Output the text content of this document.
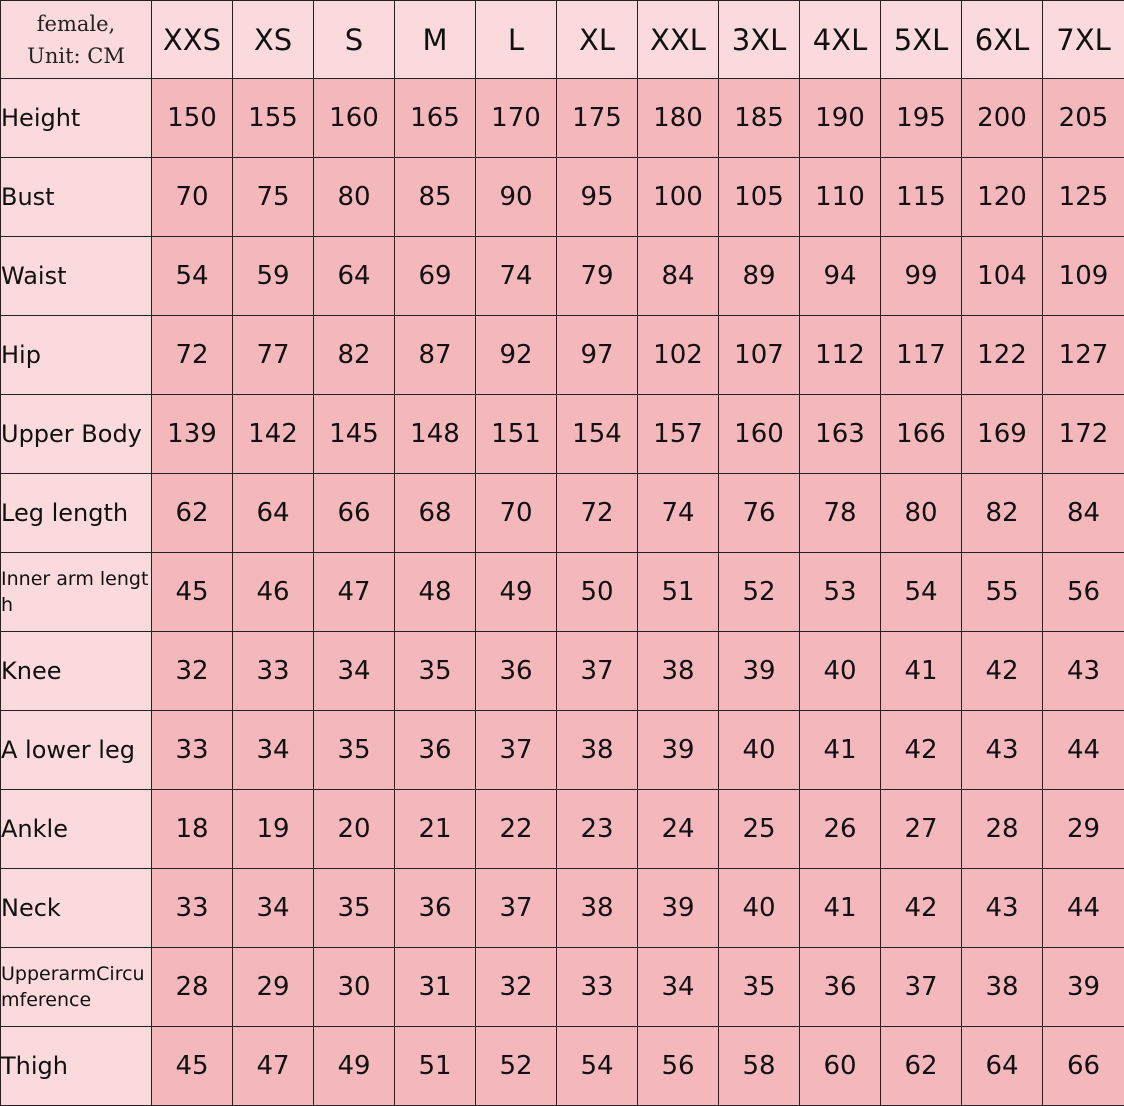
female,
Unit: CM	XXS	XS	S	M	L	XL	XXL	3XL	4XL	5XL	6XL	7XL
Height	150	155	160	165	170	175	180	185	190	195	200	205
Bust	70	75	80	85	90	95	100	105	110	115	120	125
Waist	54	59	64	69	74	79	84	89	94	99	104	109
Hip	72	77	82	87	92	97	102	107	112	117	122	127
Upper Body	139	142	145	148	151	154	157	160	163	166	169	172
Leg length	62	64	66	68	70	72	74	76	78	80	82	84
Inner arm length	45	46	47	48	49	50	51	52	53	54	55	56
Knee	32	33	34	35	36	37	38	39	40	41	42	43
A lower leg	33	34	35	36	37	38	39	40	41	42	43	44
Ankle	18	19	20	21	22	23	24	25	26	27	28	29
Neck	33	34	35	36	37	38	39	40	41	42	43	44
UpperarmCircumference	28	29	30	31	32	33	34	35	36	37	38	39
Thigh	45	47	49	51	52	54	56	58	60	62	64	66
